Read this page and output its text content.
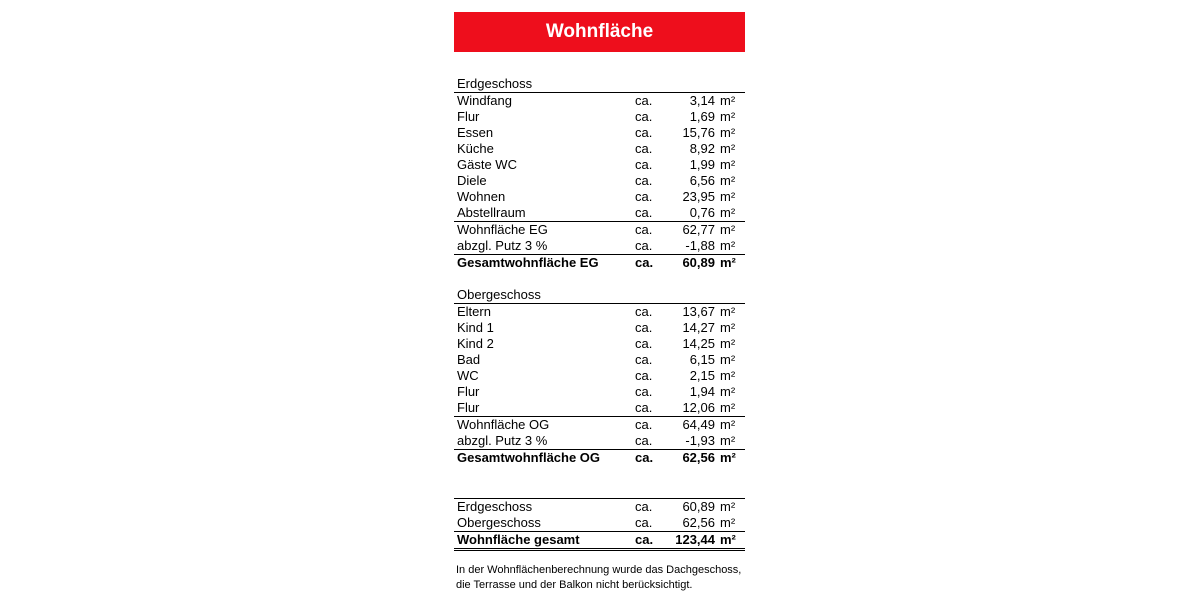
Wohnfläche
Erdgeschoss
Windfang	ca.	3,14 m²
Flur	ca.	1,69 m²
Essen	ca. 15,76 m²
Küche	ca.	8,92 m²
Gäste WC	ca.	1,99 m²
Diele	ca.	6,56 m²
Wohnen	ca. 23,95 m²
Abstellraum	ca.	0,76 m²
Wohnfläche EG	ca. 62,77 m²
abzgl. Putz 3 %	ca.	-1,88 m²
Gesamtwohnfläche EG	ca. 60,89 m²
Obergeschoss
Eltern	ca. 13,67 m²
Kind 1	ca. 14,27 m²
Kind 2	ca. 14,25 m²
Bad	ca.	6,15 m²
WC	ca.	2,15 m²
Flur	ca.	1,94 m²
Flur	ca. 12,06 m²
Wohnfläche OG	ca. 64,49 m²
abzgl. Putz 3 %	ca.	-1,93 m²
Gesamtwohnfläche OG	ca. 62,56 m²
Erdgeschoss	ca. 60,89 m²
Obergeschoss	ca. 62,56 m²
Wohnfläche gesamt	ca. 123,44 m²
In der Wohnflächenberechnung wurde das Dachgeschoss,
die Terrasse und der Balkon nicht berücksichtigt.
